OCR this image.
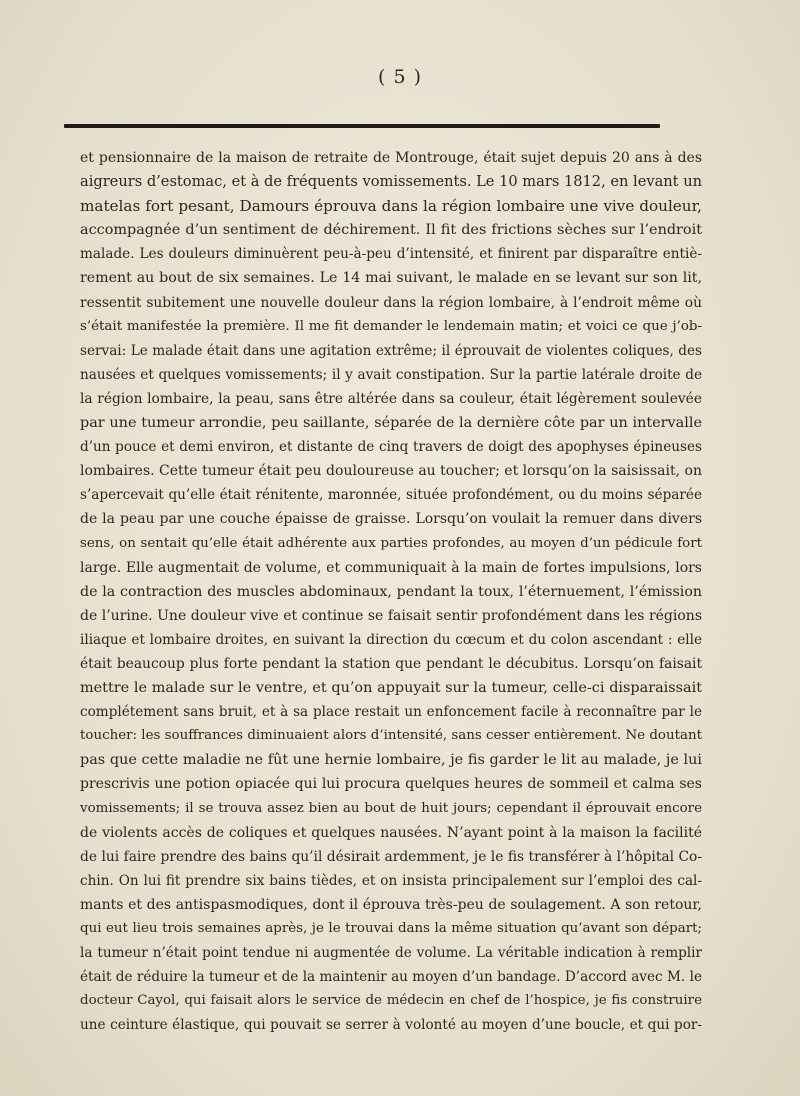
( 5 )
et pensionnaire de la maison de retraite de Montrouge, était sujet depuis 20 ans à des
aigreurs d’estomac, et à de fréquents vomissements. Le 10 mars 1812, en levant un
matelas fort pesant, Damours éprouva dans la région lombaire une vive douleur,
accompagnée d’un sentiment de déchirement. Il fit des frictions sèches sur l’endroit
malade. Les douleurs diminuèrent peu-à-peu d’intensité, et finirent par disparaître entiè-
rement au bout de six semaines. Le 14 mai suivant, le malade en se levant sur son lit,
ressentit subitement une nouvelle douleur dans la région lombaire, à l’endroit même où
s’était manifestée la première. Il me fit demander le lendemain matin; et voici ce que j’ob-
servai: Le malade était dans une agitation extrême; il éprouvait de violentes coliques, des
nausées et quelques vomissements; il y avait constipation. Sur la partie latérale droite de
la région lombaire, la peau, sans être altérée dans sa couleur, était légèrement soulevée
par une tumeur arrondie, peu saillante, séparée de la dernière côte par un intervalle
d’un pouce et demi environ, et distante de cinq travers de doigt des apophyses épineuses
lombaires. Cette tumeur était peu douloureuse au toucher; et lorsqu’on la saisissait, on
s’apercevait qu’elle était rénitente, maronnée, située profondément, ou du moins séparée
de la peau par une couche épaisse de graisse. Lorsqu’on voulait la remuer dans divers
sens, on sentait qu’elle était adhérente aux parties profondes, au moyen d’un pédicule fort
large. Elle augmentait de volume, et communiquait à la main de fortes impulsions, lors
de la contraction des muscles abdominaux, pendant la toux, l’éternuement, l’émission
de l’urine. Une douleur vive et continue se faisait sentir profondément dans les régions
iliaque et lombaire droites, en suivant la direction du cœcum et du colon ascendant : elle
était beaucoup plus forte pendant la station que pendant le décubitus. Lorsqu’on faisait
mettre le malade sur le ventre, et qu’on appuyait sur la tumeur, celle-ci disparaissait
complétement sans bruit, et à sa place restait un enfoncement facile à reconnaître par le
toucher: les souffrances diminuaient alors d’intensité, sans cesser entièrement. Ne doutant
pas que cette maladie ne fût une hernie lombaire, je fis garder le lit au malade, je lui
prescrivis une potion opiacée qui lui procura quelques heures de sommeil et calma ses
vomissements; il se trouva assez bien au bout de huit jours; cependant il éprouvait encore
de violents accès de coliques et quelques nausées. N’ayant point à la maison la facilité
de lui faire prendre des bains qu’il désirait ardemment, je le fis transférer à l’hôpital Co-
chin. On lui fit prendre six bains tièdes, et on insista principalement sur l’emploi des cal-
mants et des antispasmodiques, dont il éprouva très-peu de soulagement. A son retour,
qui eut lieu trois semaines après, je le trouvai dans la même situation qu’avant son départ;
la tumeur n’était point tendue ni augmentée de volume. La véritable indication à remplir
était de réduire la tumeur et de la maintenir au moyen d’un bandage. D’accord avec M. le
docteur Cayol, qui faisait alors le service de médecin en chef de l’hospice, je fis construire
une ceinture élastique, qui pouvait se serrer à volonté au moyen d’une boucle, et qui por-
